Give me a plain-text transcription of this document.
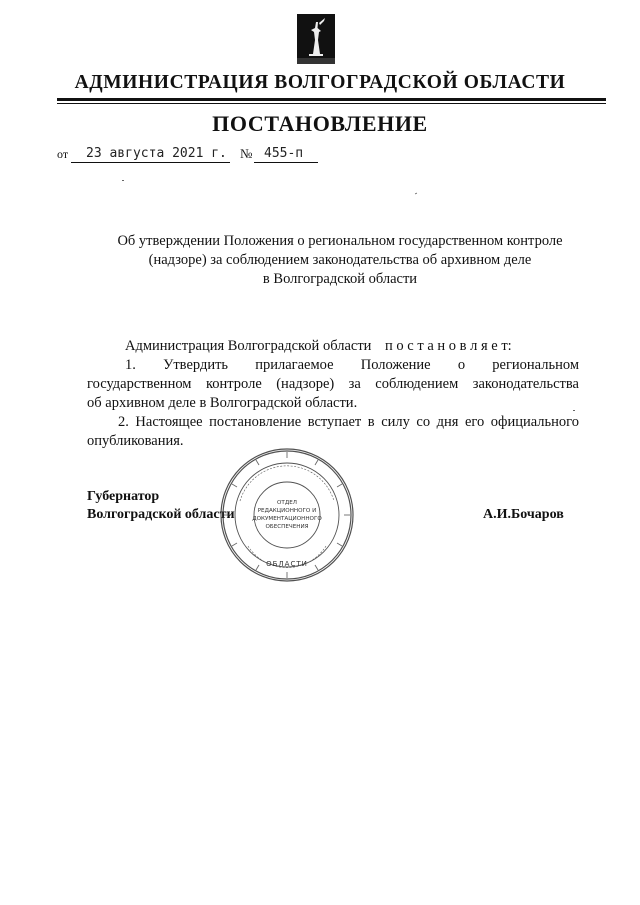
АДМИНИСТРАЦИЯ ВОЛГОГРАДСКОЙ ОБЛАСТИ
ПОСТАНОВЛЕНИЕ
от 23 августа 2021 г. № 455-п
Об утверждении Положения о региональном государственном контроле
(надзоре) за соблюдением законодательства об архивном деле
в Волгоградской области
Администрация Волгоградской области п о с т а н о в л я е т:
1.     Утвердить     прилагаемое     Положение     о     региональном
государственном  контроле  (надзоре)  за  соблюдением  законодательства
об архивном деле в Волгоградской области.
2. Настоящее постановление вступает в силу со дня его официального
опубликования.
Губернатор
Волгоградской области	А.И.Бочаров
ОБЛАСТИ
ОТДЕЛ
РЕДАКЦИОННОГО И
ДОКУМЕНТАЦИОННОГО
ОБЕСПЕЧЕНИЯ
